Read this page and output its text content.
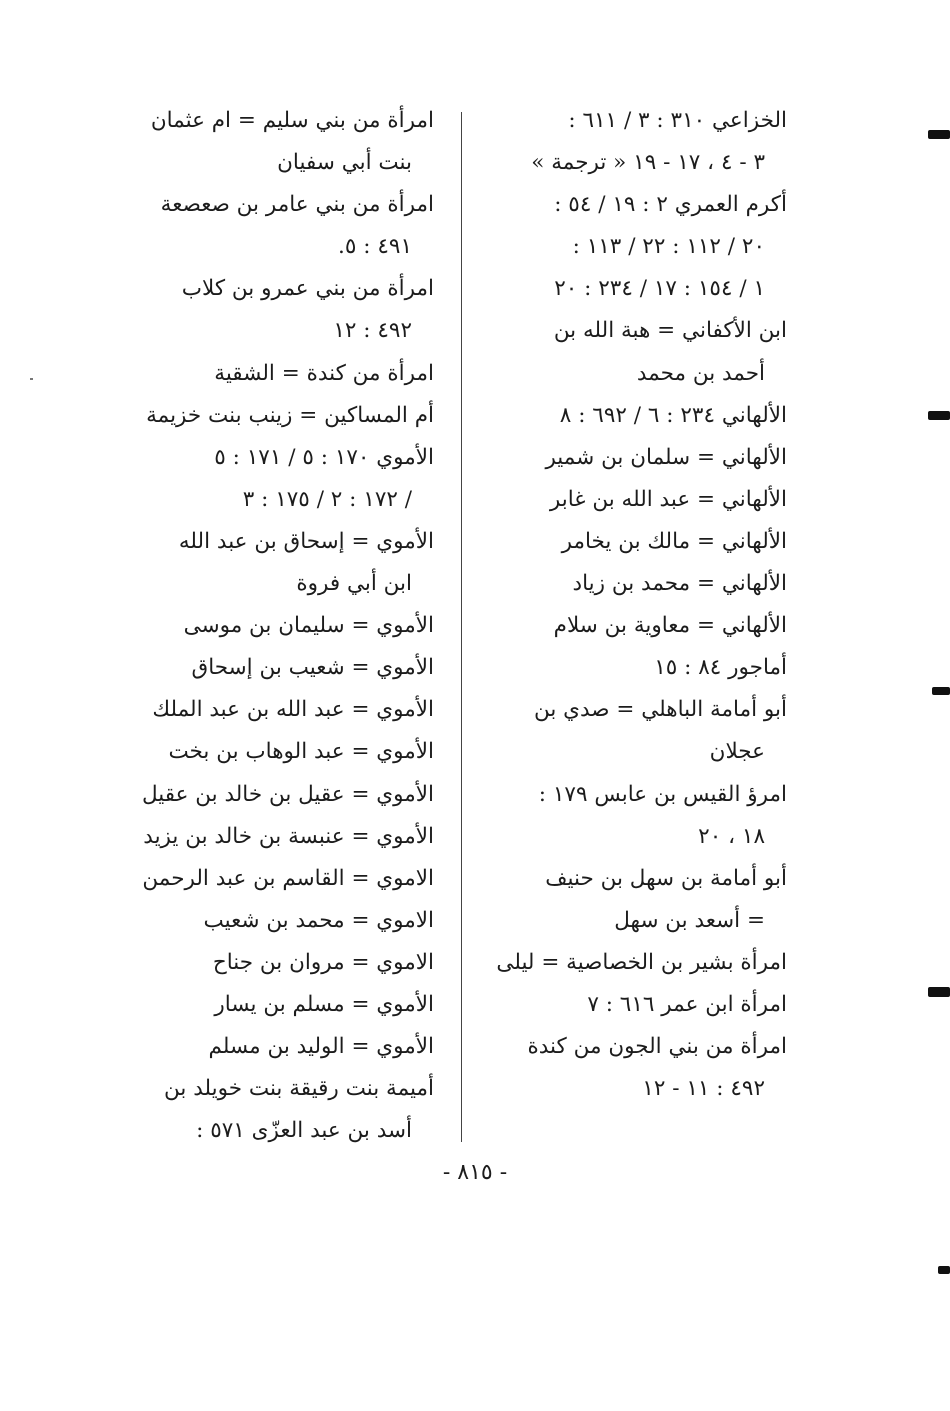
الخزاعي ٣١٠ : ٣ / ٦١١ :
٣ - ٤ ، ١٧ - ١٩ « ترجمة »
أكرم العمري ٢ : ١٩ / ٥٤ :
٢٠ / ١١٢ : ٢٢ / ١١٣ :
١ / ١٥٤ : ١٧ / ٢٣٤ : ٢٠
ابن الأكفاني = هبة الله بن
أحمد بن محمد
الألهاني ٢٣٤ : ٦ / ٦٩٢ : ٨
الألهاني = سلمان بن شمير
الألهاني = عبد الله بن غابر
الألهاني = مالك بن يخامر
الألهاني = محمد بن زياد
الألهاني = معاوية بن سلام
أماجور ٨٤ : ١٥
أبو أمامة الباهلي = صدي بن
عجلان
امرؤ القيس بن عابس ١٧٩ :
١٨ ، ٢٠
أبو أمامة بن سهل بن حنيف
= أسعد بن سهل
امرأة بشير بن الخصاصية = ليلى
امرأة ابن عمر ٦١٦ : ٧
امرأة من بني الجون من كندة
٤٩٢ : ١١ - ١٢
امرأة من بني سليم = ام عثمان
بنت أبي سفيان
امرأة من بني عامر بن صعصعة
٤٩١ : ٥.
امرأة من بني عمرو بن كلاب
٤٩٢ : ١٢
امرأة من كندة = الشقية
أم المساكين = زينب بنت خزيمة
الأموي ١٧٠ : ٥ / ١٧١ : ٥
/ ١٧٢ : ٢ / ١٧٥ : ٣
الأموي = إسحاق بن عبد الله
ابن أبي فروة
الأموي = سليمان بن موسى
الأموي = شعيب بن إسحاق
الأموي = عبد الله بن عبد الملك
الأموي = عبد الوهاب بن بخت
الأموي = عقيل بن خالد بن عقيل
الأموي = عنبسة بن خالد بن يزيد
الاموي = القاسم بن عبد الرحمن
الاموي = محمد بن شعيب
الاموي = مروان بن جناح
الأموي = مسلم بن يسار
الأموي = الوليد بن مسلم
أميمة بنت رقيقة بنت خويلد بن
أسد بن عبد العزّى ٥٧١ :
- ٨١٥ -
